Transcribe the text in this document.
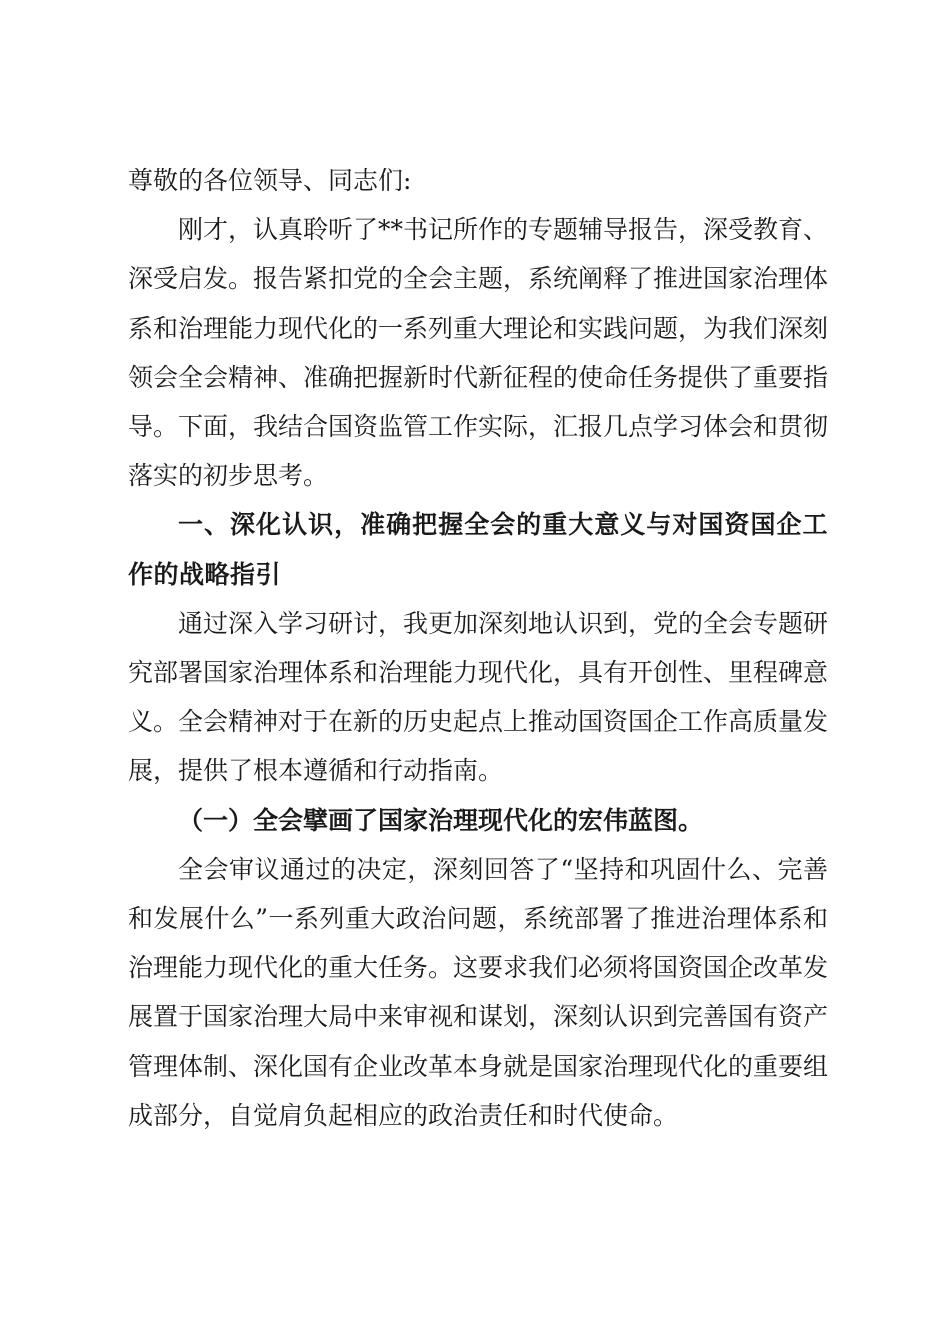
尊敬的各位领导、同志们:

刚才，认真聆听了**书记所作的专题辅导报告，深受教育、深受启发。报告紧扣党的全会主题，系统阐释了推进国家治理体系和治理能力现代化的一系列重大理论和实践问题，为我们深刻领会全会精神、准确把握新时代新征程的使命任务提供了重要指导。下面，我结合国资监管工作实际，汇报几点学习体会和贯彻落实的初步思考。

一、深化认识，准确把握全会的重大意义与对国资国企工作的战略指引

通过深入学习研讨，我更加深刻地认识到，党的全会专题研究部署国家治理体系和治理能力现代化，具有开创性、里程碑意义。全会精神对于在新的历史起点上推动国资国企工作高质量发展，提供了根本遵循和行动指南。

（一）全会擘画了国家治理现代化的宏伟蓝图。

全会审议通过的决定，深刻回答了“坚持和巩固什么、完善和发展什么”一系列重大政治问题，系统部署了推进治理体系和治理能力现代化的重大任务。这要求我们必须将国资国企改革发展置于国家治理大局中来审视和谋划，深刻认识到完善国有资产管理体制、深化国有企业改革本身就是国家治理现代化的重要组成部分，自觉肩负起相应的政治责任和时代使命。
